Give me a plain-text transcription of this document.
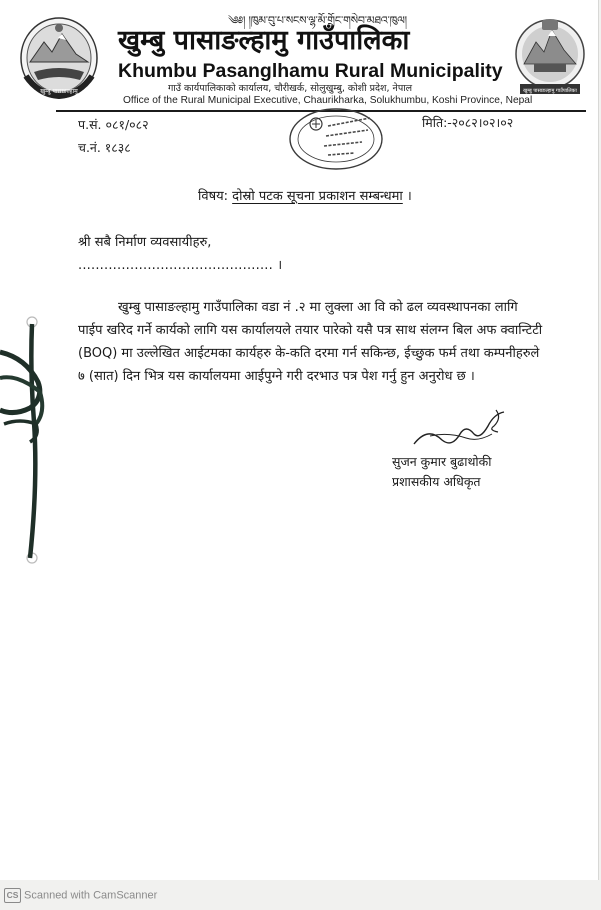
खुम्बु पासाङल्हामु	खुम्बु पासाङल्हामु गाउँपालिका
༄༅། །ཁུམ་བུ་པ་སངས་ལྷ་མོ་གྲོང་གསེབ་མཐའ་ཁུལ།
खुम्बु पासाङल्हामु गाउँपालिका
Khumbu Pasanglhamu Rural Municipality
गाउँ कार्यपालिकाको कार्यालय, चौरीखर्क, सोलुखुम्बु, कोशी प्रदेश, नेपाल
Office of the Rural Municipal Executive, Chaurikharka, Solukhumbu, Koshi Province, Nepal
प.सं. ०८१/०८२
च.नं. १८३८
मिति:-२०८२।०२।०२
विषय: दोस्रो पटक सूचना प्रकाशन सम्बन्धमा ।
श्री सबै निर्माण व्यवसायीहरु,
............................................. ।
खुम्बु पासाङल्हामु गाउँपालिका वडा नं .२ मा लुक्ला आ वि को ढल व्यवस्थापनका लागि
पाईप खरिद गर्ने कार्यको लागि यस कार्यालयले तयार पारेको यसै पत्र साथ संलग्न बिल अफ क्वान्टिटी
(BOQ) मा उल्लेखित आईटमका कार्यहरु के-कति दरमा गर्न सकिन्छ, ईच्छुक फर्म तथा कम्पनीहरुले
७ (सात) दिन भित्र यस कार्यालयमा आईपुग्ने गरी दरभाउ पत्र पेश गर्नु हुन अनुरोध छ ।
सुजन कुमार बुढाथोकी
प्रशासकीय अधिकृत
CS Scanned with CamScanner
